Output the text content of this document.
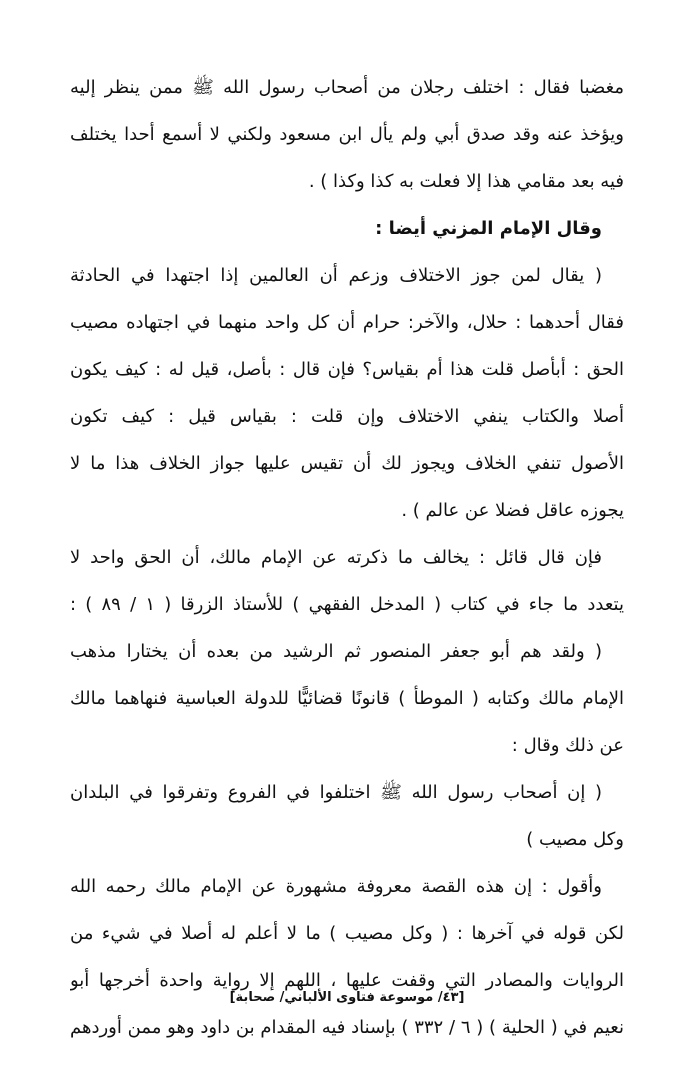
مغضبا فقال : اختلف رجلان من أصحاب رسول الله ﷺ ممن ينظر إليه
ويؤخذ عنه وقد صدق أبي ولم يأل ابن مسعود ولكني لا أسمع أحدا يختلف
فيه بعد مقامي هذا إلا فعلت به كذا وكذا ) .
وقال الإمام المزني أيضا :
( يقال لمن جوز الاختلاف وزعم أن العالمين إذا اجتهدا في الحادثة
فقال أحدهما : حلال، والآخر: حرام أن كل واحد منهما في اجتهاده مصيب
الحق : أبأصل قلت هذا أم بقياس؟ فإن قال : بأصل، قيل له : كيف يكون
أصلا والكتاب ينفي الاختلاف وإن قلت : بقياس قيل : كيف تكون
الأصول تنفي الخلاف ويجوز لك أن تقيس عليها جواز الخلاف هذا ما لا
يجوزه عاقل فضلا عن عالم ) .
فإن قال قائل : يخالف ما ذكرته عن الإمام مالك، أن الحق واحد لا
يتعدد ما جاء في كتاب ( المدخل الفقهي ) للأستاذ الزرقا ( ١ / ٨٩ ) :
( ولقد هم أبو جعفر المنصور ثم الرشيد من بعده أن يختارا مذهب
الإمام مالك وكتابه ( الموطأ ) قانونًا قضائيًّا للدولة العباسية فنهاهما مالك
عن ذلك وقال :
( إن أصحاب رسول الله ﷺ اختلفوا في الفروع وتفرقوا في البلدان
وكل مصيب )
وأقول : إن هذه القصة معروفة مشهورة عن الإمام مالك رحمه الله
لكن قوله في آخرها : ( وكل مصيب ) ما لا أعلم له أصلا في شيء من
الروايات والمصادر التي وقفت عليها ، اللهم إلا رواية واحدة أخرجها أبو
نعيم في ( الحلية ) ( ٦ / ٣٣٢ ) بإسناد فيه المقدام بن داود وهو ممن أوردهم
[٤٣/ موسوعة فتاوى الألباني/ صحابة]
